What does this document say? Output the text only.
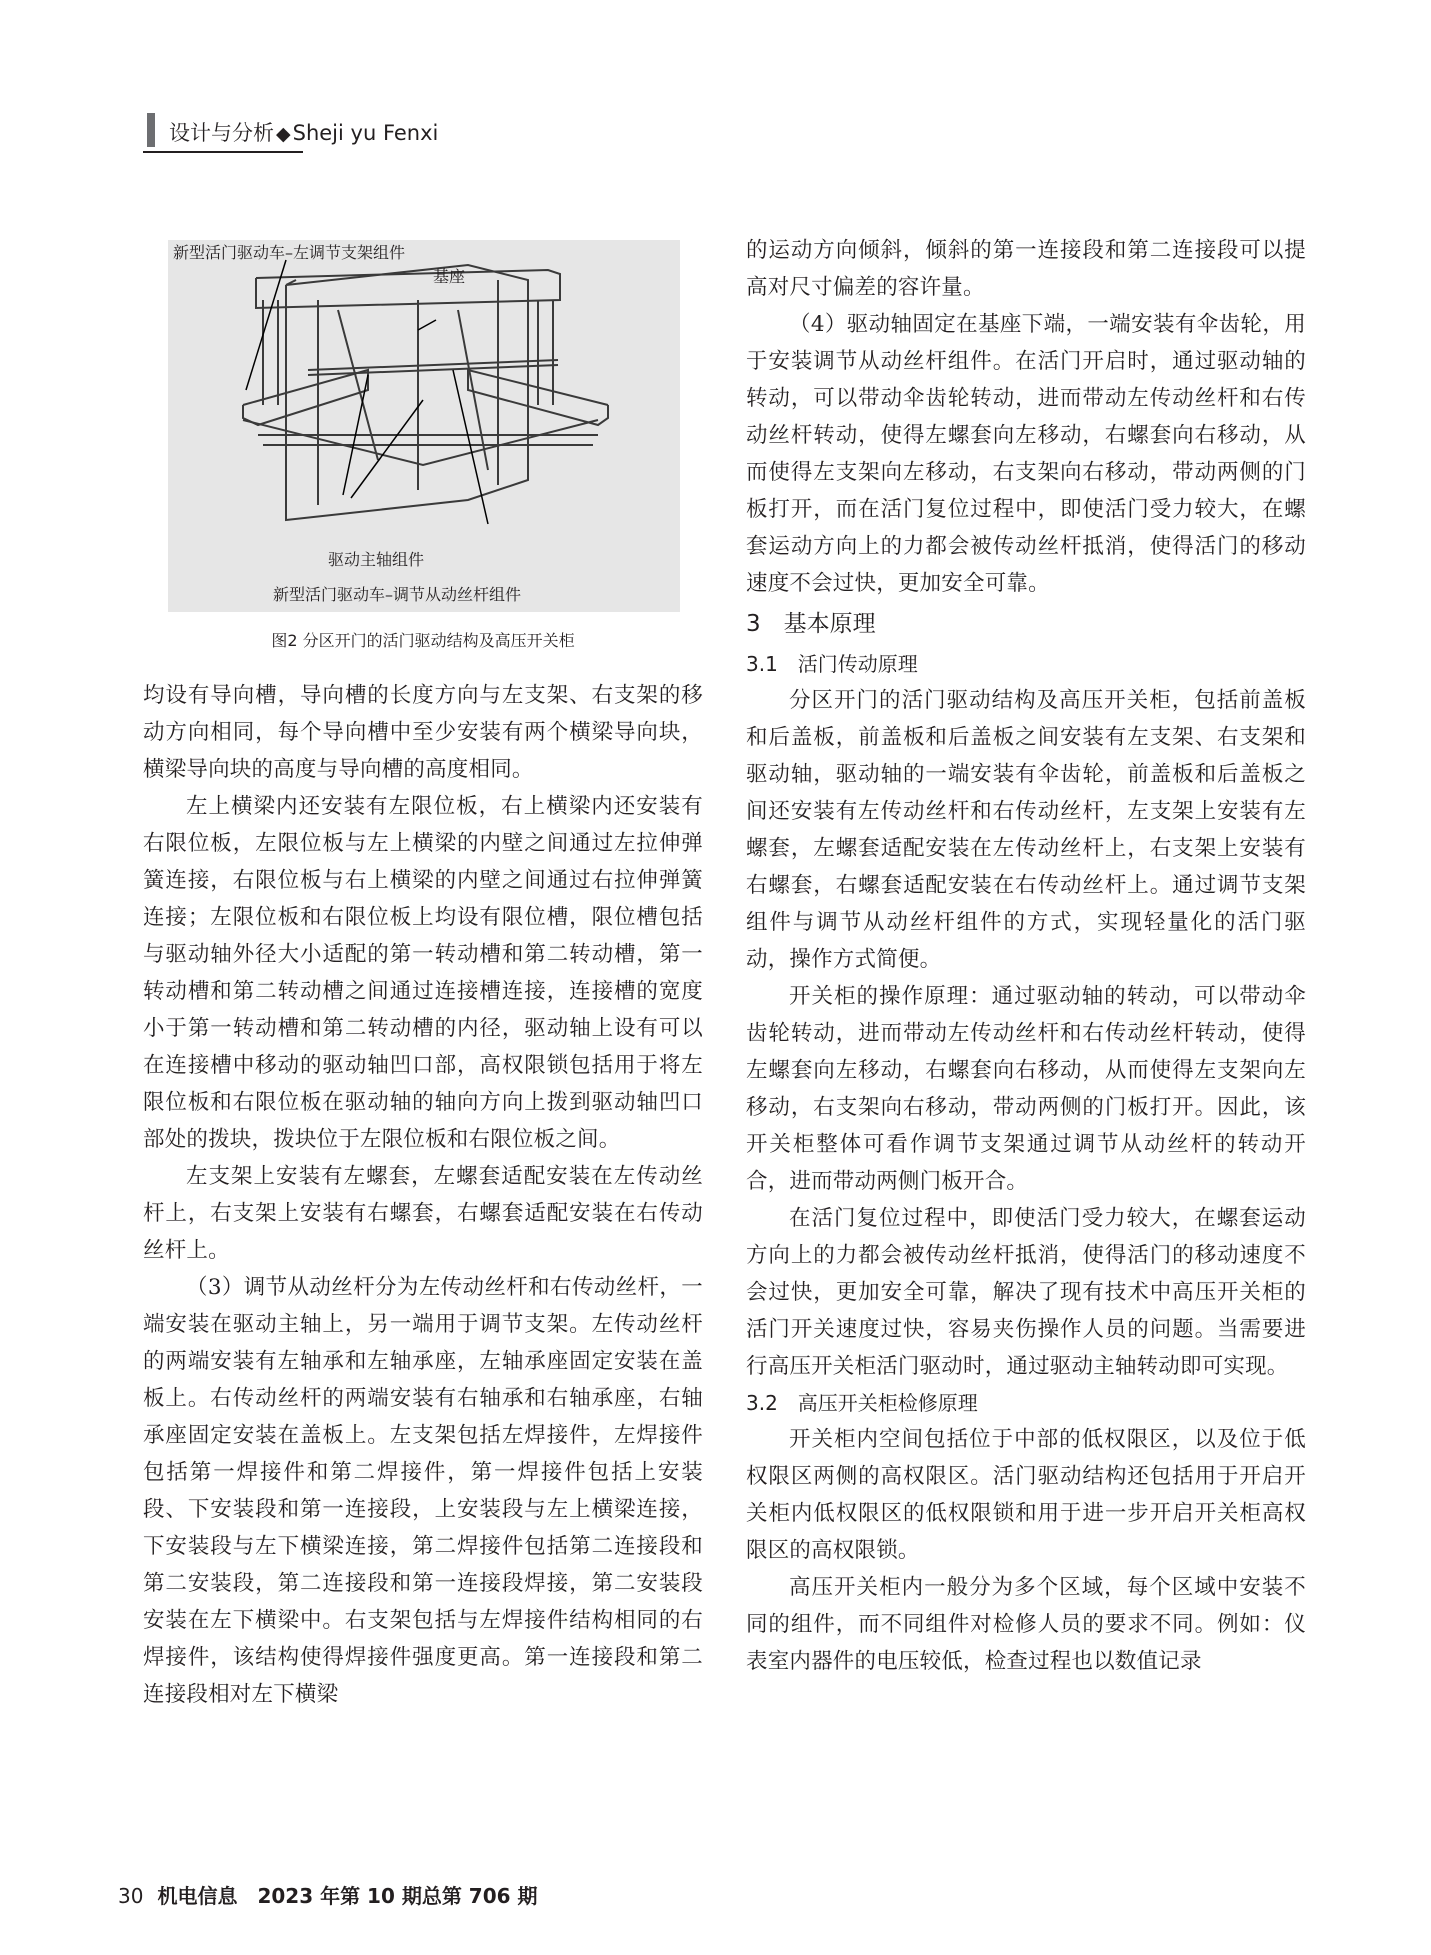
设计与分析 ◆Sheji yu Fenxi
新型活门驱动车–左调节支架组件
基座
驱动主轴组件
新型活门驱动车–调节从动丝杆组件
图2 分区开门的活门驱动结构及高压开关柜

均设有导向槽，导向槽的长度方向与左支架、右支架的移动方向相同，每个导向槽中至少安装有两个横梁导向块，横梁导向块的高度与导向槽的高度相同。

左上横梁内还安装有左限位板，右上横梁内还安装有右限位板，左限位板与左上横梁的内壁之间通过左拉伸弹簧连接，右限位板与右上横梁的内壁之间通过右拉伸弹簧连接；左限位板和右限位板上均设有限位槽，限位槽包括与驱动轴外径大小适配的第一转动槽和第二转动槽，第一转动槽和第二转动槽之间通过连接槽连接，连接槽的宽度小于第一转动槽和第二转动槽的内径，驱动轴上设有可以在连接槽中移动的驱动轴凹口部，高权限锁包括用于将左限位板和右限位板在驱动轴的轴向方向上拨到驱动轴凹口部处的拨块，拨块位于左限位板和右限位板之间。

左支架上安装有左螺套，左螺套适配安装在左传动丝杆上，右支架上安装有右螺套，右螺套适配安装在右传动丝杆上。

（3）调节从动丝杆分为左传动丝杆和右传动丝杆，一端安装在驱动主轴上，另一端用于调节支架。左传动丝杆的两端安装有左轴承和左轴承座，左轴承座固定安装在盖板上。右传动丝杆的两端安装有右轴承和右轴承座，右轴承座固定安装在盖板上。左支架包括左焊接件，左焊接件包括第一焊接件和第二焊接件，第一焊接件包括上安装段、下安装段和第一连接段，上安装段与左上横梁连接，下安装段与左下横梁连接，第二焊接件包括第二连接段和第二安装段，第二连接段和第一连接段焊接，第二安装段安装在左下横梁中。右支架包括与左焊接件结构相同的右焊接件，该结构使得焊接件强度更高。第一连接段和第二连接段相对左下横梁

的运动方向倾斜，倾斜的第一连接段和第二连接段可以提高对尺寸偏差的容许量。

（4）驱动轴固定在基座下端，一端安装有伞齿轮，用于安装调节从动丝杆组件。在活门开启时，通过驱动轴的转动，可以带动伞齿轮转动，进而带动左传动丝杆和右传动丝杆转动，使得左螺套向左移动，右螺套向右移动，从而使得左支架向左移动，右支架向右移动，带动两侧的门板打开，而在活门复位过程中，即使活门受力较大，在螺套运动方向上的力都会被传动丝杆抵消，使得活门的移动速度不会过快，更加安全可靠。

3　基本原理
3.1　活门传动原理

分区开门的活门驱动结构及高压开关柜，包括前盖板和后盖板，前盖板和后盖板之间安装有左支架、右支架和驱动轴，驱动轴的一端安装有伞齿轮，前盖板和后盖板之间还安装有左传动丝杆和右传动丝杆，左支架上安装有左螺套，左螺套适配安装在左传动丝杆上，右支架上安装有右螺套，右螺套适配安装在右传动丝杆上。通过调节支架组件与调节从动丝杆组件的方式，实现轻量化的活门驱动，操作方式简便。

开关柜的操作原理：通过驱动轴的转动，可以带动伞齿轮转动，进而带动左传动丝杆和右传动丝杆转动，使得左螺套向左移动，右螺套向右移动，从而使得左支架向左移动，右支架向右移动，带动两侧的门板打开。因此，该开关柜整体可看作调节支架通过调节从动丝杆的转动开合，进而带动两侧门板开合。

在活门复位过程中，即使活门受力较大，在螺套运动方向上的力都会被传动丝杆抵消，使得活门的移动速度不会过快，更加安全可靠，解决了现有技术中高压开关柜的活门开关速度过快，容易夹伤操作人员的问题。当需要进行高压开关柜活门驱动时，通过驱动主轴转动即可实现。

3.2　高压开关柜检修原理

开关柜内空间包括位于中部的低权限区，以及位于低权限区两侧的高权限区。活门驱动结构还包括用于开启开关柜内低权限区的低权限锁和用于进一步开启开关柜高权限区的高权限锁。

高压开关柜内一般分为多个区域，每个区域中安装不同的组件，而不同组件对检修人员的要求不同。例如：仪表室内器件的电压较低，检查过程也以数值记录

30 机电信息　2023 年第 10 期总第 706 期
